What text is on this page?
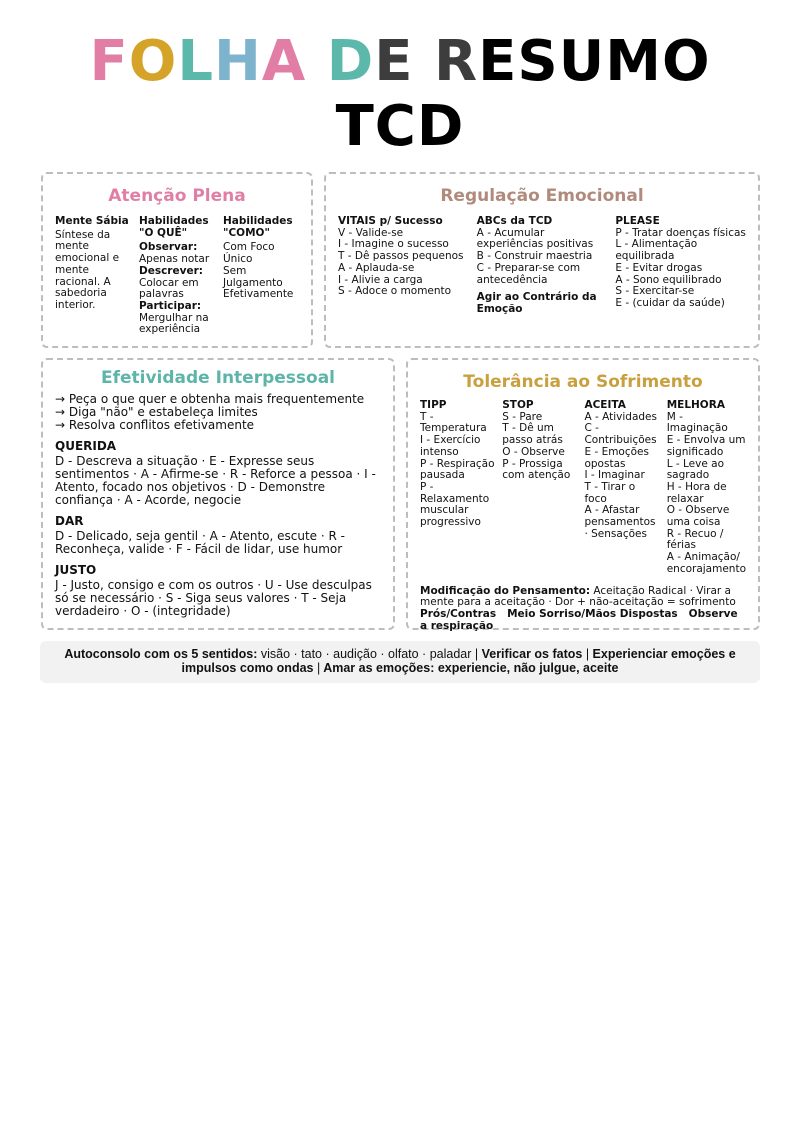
FOLHA DE RESUMO
TCD
Atenção Plena
Mente Sábia
Síntese da mente emocional e mente racional. A sabedoria interior.
Habilidades "O QUÊ"
Observar:
Apenas notar
Descrever:
Colocar em palavras
Participar:
Mergulhar na experiência
Habilidades "COMO"
Com Foco Único
Sem Julgamento
Efetivamente
Regulação Emocional
VITAIS p/ Sucesso
V - Valide-se
I - Imagine o sucesso
T - Dê passos pequenos
A - Aplauda-se
I - Alivie a carga
S - Adoce o momento
ABCs da TCD
A - Acumular experiências positivas
B - Construir maestria
C - Preparar-se com antecedência
Agir ao Contrário da Emoção
PLEASE
P - Tratar doenças físicas
L - Alimentação equilibrada
E - Evitar drogas
A - Sono equilibrado
S - Exercitar-se
E - (cuidar da saúde)
Efetividade Interpessoal
→ Peça o que quer e obtenha mais frequentemente
→ Diga "não" e estabeleça limites
→ Resolva conflitos efetivamente
QUERIDA
D - Descreva a situação · E - Expresse seus sentimentos · A - Afirme-se · R - Reforce a pessoa · I - Atento, focado nos objetivos · D - Demonstre confiança · A - Acorde, negocie
DAR
D - Delicado, seja gentil · A - Atento, escute · R - Reconheça, valide · F - Fácil de lidar, use humor
JUSTO
J - Justo, consigo e com os outros · U - Use desculpas só se necessário · S - Siga seus valores · T - Seja verdadeiro · O - (integridade)
Tolerância ao Sofrimento
TIPP
T - Temperatura
I - Exercício intenso
P - Respiração pausada
P - Relaxamento muscular progressivo
STOP
S - Pare
T - Dê um passo atrás
O - Observe
P - Prossiga com atenção
ACEITA
A - Atividades
C - Contribuições
E - Emoções opostas
I - Imaginar
T - Tirar o foco
A - Afastar pensamentos · Sensações
MELHORA
M - Imaginação
E - Envolva um significado
L - Leve ao sagrado
H - Hora de relaxar
O - Observe uma coisa
R - Recuo / férias
A - Animação/ encorajamento
Modificação do Pensamento: Aceitação Radical · Virar a mente para a aceitação · Dor + não-aceitação = sofrimento
Prós/Contras   Meio Sorriso/Mãos Dispostas   Observe a respiração
Autoconsolo com os 5 sentidos: visão · tato · audição · olfato · paladar | Verificar os fatos | Experienciar emoções e impulsos como ondas | Amar as emoções: experiencie, não julgue, aceite
